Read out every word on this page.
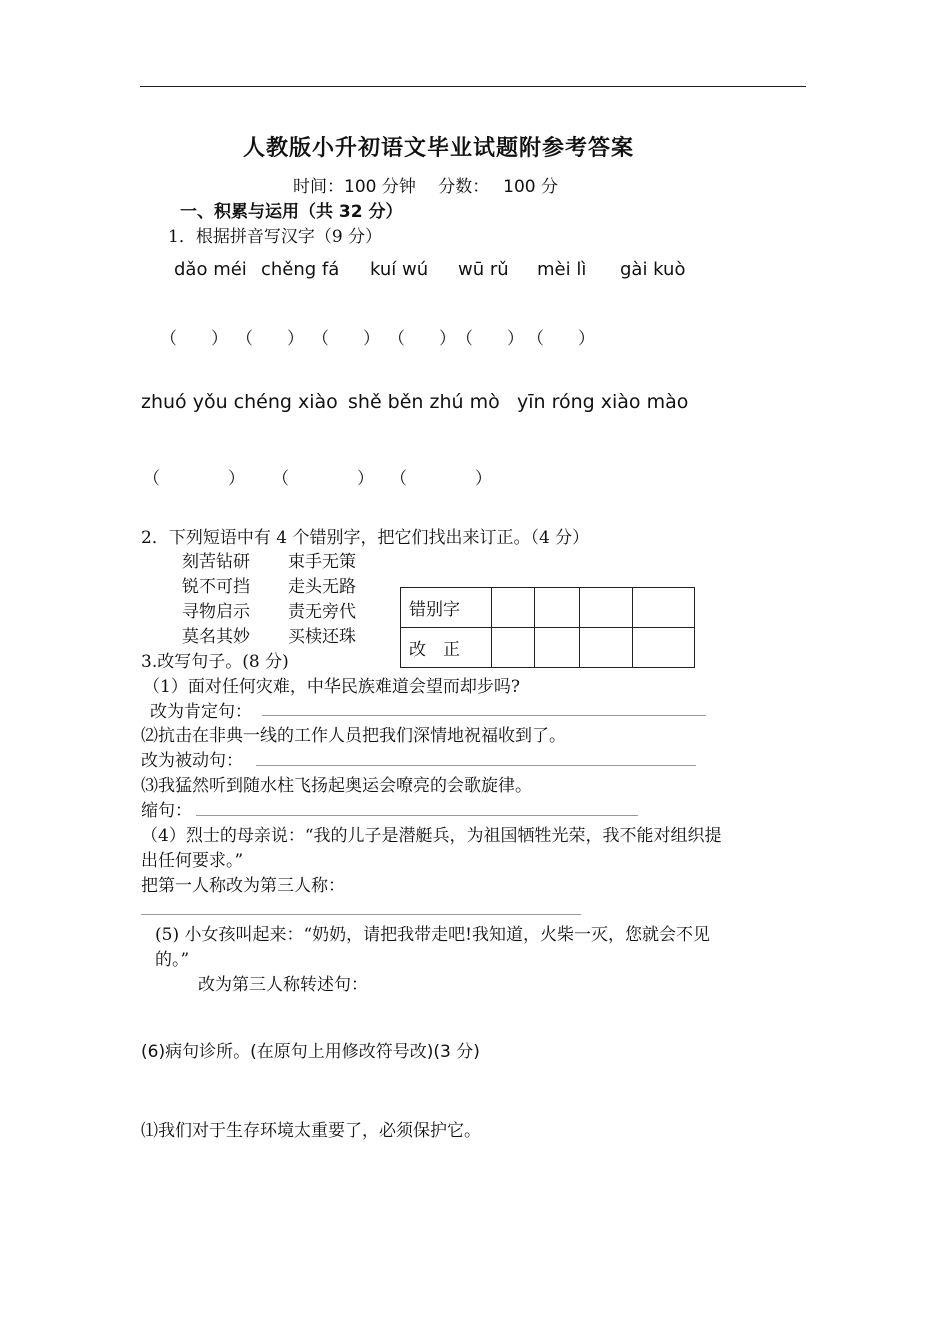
人教版小升初语文毕业试题附参考答案
时间：100 分钟　 分数：　 100 分
一、积累与运用（共 32 分）
1．根据拼音写汉字（9 分）
dǎo méi chěng fá kuí wú wū rǔ mèi lì gài kuò
（　　） （　　） （　　） （　　） （　　） （　　）
zhuó yǒu chéng xiào shě běn zhú mò yīn róng xiào mào
（　　　　） （　　　　） （　　　　）
2．下列短语中有 4 个错别字，把它们找出来订正。（4 分）
刻苦钻研 束手无策
锐不可挡 走头无路
寻物启示 责无旁代
莫名其妙 买椟还珠
错别字				
改　正				
3.改写句子。(8 分)
（1）面对任何灾难，中华民族难道会望而却步吗?
改为肯定句：
⑵抗击在非典一线的工作人员把我们深情地祝福收到了。
改为被动句：
⑶我猛然听到随水柱飞扬起奥运会嘹亮的会歌旋律。
缩句：
（4）烈士的母亲说：“我的儿子是潜艇兵，为祖国牺牲光荣，我不能对组织提
出任何要求。”
把第一人称改为第三人称：
(5) 小女孩叫起来：“奶奶，请把我带走吧!我知道，火柴一灭，您就会不见
的。”
改为第三人称转述句：
(6)病句诊所。(在原句上用修改符号改)(3 分)
⑴我们对于生存环境太重要了，必须保护它。
